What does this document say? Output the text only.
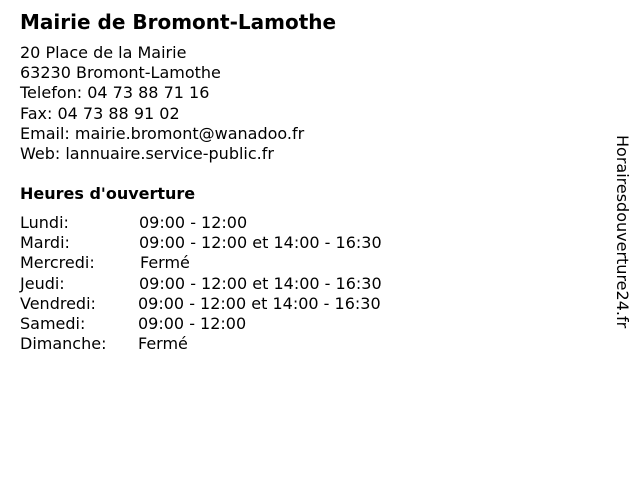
Mairie de Bromont-Lamothe
20 Place de la Mairie
63230 Bromont-Lamothe
Telefon: 04 73 88 71 16
Fax: 04 73 88 91 02
Email: mairie.bromont@wanadoo.fr
Web: lannuaire.service-public.fr
Heures d'ouverture
Lundi:	09:00 - 12:00
Mardi:	09:00 - 12:00 et 14:00 - 16:30
Mercredi:	Fermé
Jeudi:	09:00 - 12:00 et 14:00 - 16:30
Vendredi:	09:00 - 12:00 et 14:00 - 16:30
Samedi:	09:00 - 12:00
Dimanche: Fermé
Horairesdouverture24.fr
